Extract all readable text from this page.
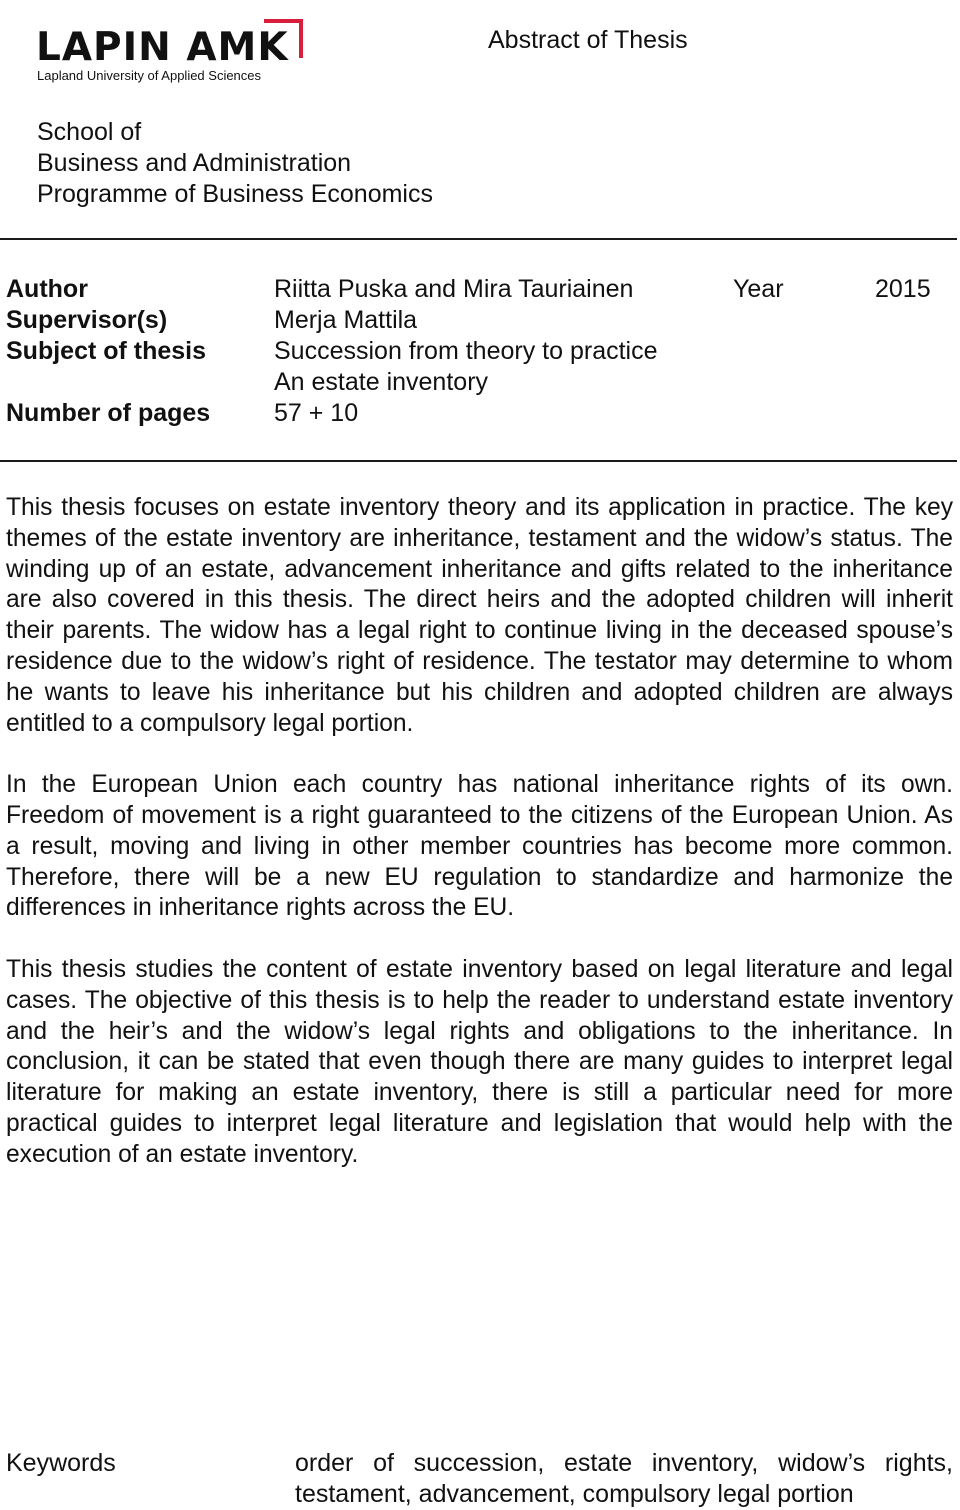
LAPIN AMK
Lapland University of Applied Sciences
Abstract of Thesis
School of
Business and Administration
Programme of Business Economics
Author	Riitta Puska and Mira Tauriainen	Year	2015
Supervisor(s)	Merja Mattila
Subject of thesis	Succession from theory to practice
An estate inventory
Number of pages	57 + 10

This thesis focuses on estate inventory theory and its application in practice. The key themes of the estate inventory are inheritance, testament and the widow’s status. The winding up of an estate, advancement inheritance and gifts related to the inheritance are also covered in this thesis. The direct heirs and the adopted children will inherit their parents. The widow has a legal right to continue living in the deceased spouse’s residence due to the widow’s right of residence. The testator may determine to whom he wants to leave his inheritance but his children and adopted children are always entitled to a compulsory legal portion.

In the European Union each country has national inheritance rights of its own. Freedom of movement is a right guaranteed to the citizens of the European Union. As a result, moving and living in other member countries has become more common. Therefore, there will be a new EU regulation to standardize and harmonize the differences in inheritance rights across the EU.

This thesis studies the content of estate inventory based on legal literature and legal cases. The objective of this thesis is to help the reader to understand estate inventory and the heir’s and the widow’s legal rights and obligations to the inheritance. In conclusion, it can be stated that even though there are many guides to interpret legal literature for making an estate inventory, there is still a particular need for more practical guides to interpret legal literature and legislation that would help with the execution of an estate inventory.

Keywords	order of succession, estate inventory, widow’s rights, testament, advancement, compulsory legal portion
